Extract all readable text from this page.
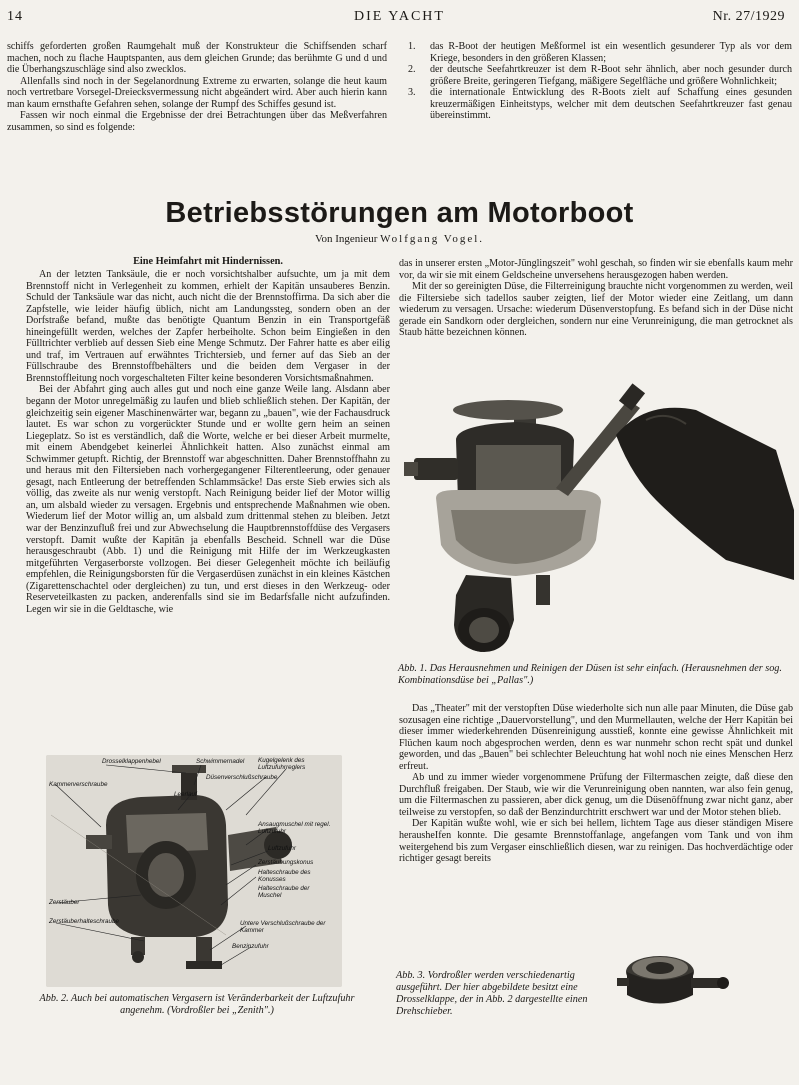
14	DIE YACHT	Nr. 27/1929

schiffs geforderten großen Raumgehalt muß der Konstrukteur die Schiffsenden scharf machen, noch zu flache Hauptspanten, aus dem gleichen Grunde; das berühmte G und d und die Überhangszuschläge sind also zwecklos.

Allenfalls sind noch in der Segelanordnung Extreme zu erwarten, solange die heut kaum noch vertretbare Vorsegel-Dreiecksvermessung nicht abgeändert wird. Aber auch hierin kann man kaum ernsthafte Gefahren sehen, solange der Rumpf des Schiffes gesund ist.

Fassen wir noch einmal die Ergebnisse der drei Betrachtungen über das Meßverfahren zusammen, so sind es folgende:

1.	das R-Boot der heutigen Meßformel ist ein wesentlich gesunderer Typ als vor dem Kriege, besonders in den größeren Klassen;
2.	der deutsche Seefahrtkreuzer ist dem R-Boot sehr ähnlich, aber noch gesunder durch größere Breite, geringeren Tiefgang, mäßigere Segelfläche und größere Wohnlichkeit;
3.	die internationale Entwicklung des R-Boots zielt auf Schaffung eines gesunden kreuzermäßigen Einheitstyps, welcher mit dem deutschen Seefahrtkreuzer fast genau übereinstimmt.
Betriebsstörungen am Motorboot
Von Ingenieur Wolfgang Vogel.
Eine Heimfahrt mit Hindernissen.

An der letzten Tanksäule, die er noch vorsichtshalber aufsuchte, um ja mit dem Brennstoff nicht in Verlegenheit zu kommen, erhielt der Kapitän unsauberes Benzin. Schuld der Tanksäule war das nicht, auch nicht die der Brennstoffirma. Da sich aber die Zapfstelle, wie leider häufig üblich, nicht am Landungssteg, sondern oben an der Dorfstraße befand, mußte das benötigte Quantum Benzin in ein Transportgefäß hineingefüllt werden, welches der Zapfer herbeiholte. Schon beim Eingießen in den Fülltrichter verblieb auf dessen Sieb eine Menge Schmutz. Der Fahrer hatte es aber eilig und traf, im Vertrauen auf erwähntes Trichtersieb, und ferner auf das Sieb an der Füllschraube des Brennstoffbehälters und die beiden dem Vergaser in der Brennstoffleitung noch vorgeschalteten Filter keine besonderen Vorsichtsmaßnahmen.

Bei der Abfahrt ging auch alles gut und noch eine ganze Weile lang. Alsdann aber begann der Motor unregelmäßig zu laufen und blieb schließlich stehen. Der Kapitän, der gleichzeitig sein eigener Maschinenwärter war, begann zu „bauen", wie der Fachausdruck lautet. Es war schon zu vorgerückter Stunde und er wollte gern heim an seinen Liegeplatz. So ist es verständlich, daß die Worte, welche er bei dieser Arbeit murmelte, mit einem Abendgebet keinerlei Ähnlichkeit hatten. Also zunächst einmal am Schwimmer getupft. Richtig, der Brennstoff war abgeschnitten. Daher Brennstoffhahn zu und heraus mit den Filtersieben nach vorhergegangener Filterentleerung, oder genauer gesagt, nach Entleerung der betreffenden Schlammsäcke! Das erste Sieb erwies sich als völlig, das zweite als nur wenig verstopft. Nach Reinigung beider lief der Motor willig an, um alsbald wieder zu versagen. Ergebnis und entsprechende Maßnahmen wie oben. Wiederum lief der Motor willig an, um alsbald zum drittenmal stehen zu bleiben. Jetzt war der Benzinzufluß frei und zur Abwechselung die Hauptbrennstoffdüse des Vergasers verstopft. Damit wußte der Kapitän ja ebenfalls Bescheid. Schnell war die Düse herausgeschraubt (Abb. 1) und die Reinigung mit Hilfe der im Werkzeugkasten mitgeführten Vergaserborste vollzogen. Bei dieser Gelegenheit möchte ich beiläufig empfehlen, die Reinigungsborsten für die Vergaserdüsen zunächst in ein kleines Kästchen (Zigarettenschachtel oder dergleichen) zu tun, und erst dieses in den Werkzeug- oder Reserveteilkasten zu packen, anderenfalls sind sie im Bedarfsfalle nicht aufzufinden. Legen wir sie in die Geldtasche, wie

Drosselklappenhebel	Schwimmernadel Kugelgelenk des Luftzufuhrreglers
Düsenverschlußschraube
Kammerverschraube
Leerlauf
Ansaugmuschel mit regel. Luftzufuhr
Luftzufuhr
Zerstäubungskonus
Halteschraube des Konusses
Halteschraube der Muschel
Zerstäuber
Zerstäuberhalteschraube	Untere Verschlußschraube der Kammer
Benzinzufuhr

Abb. 2. Auch bei automatischen Vergasern ist Veränderbarkeit der Luftzufuhr angenehm. (Vordroßler bei „Zenith".)

das in unserer ersten „Motor-Jünglingszeit" wohl geschah, so finden wir sie ebenfalls kaum mehr vor, da wir sie mit einem Geldscheine unversehens herausgezogen haben werden.

Mit der so gereinigten Düse, die Filterreinigung brauchte nicht vorgenommen zu werden, weil die Filtersiebe sich tadellos sauber zeigten, lief der Motor wieder eine Zeitlang, um dann wiederum zu versagen. Ursache: wiederum Düsenverstopfung. Es befand sich in der Düse nicht gerade ein Sandkorn oder dergleichen, sondern nur eine Verunreinigung, die man getrocknet als Staub hätte bezeichnen können.

Abb. 1. Das Herausnehmen und Reinigen der Düsen ist sehr einfach. (Herausnehmen der sog. Kombinationsdüse bei „Pallas".)

Das „Theater" mit der verstopften Düse wiederholte sich nun alle paar Minuten, die Düse gab sozusagen eine richtige „Dauervorstellung", und den Murmellauten, welche der Herr Kapitän bei dieser immer wiederkehrenden Düsenreinigung ausstieß, konnte eine gewisse Ähnlichkeit mit Flüchen kaum noch abgesprochen werden, denn es war nunmehr schon recht spät und dunkel geworden, und das „Bauen" bei schlechter Beleuchtung hat wohl noch nie eines Menschen Herz erfreut.

Ab und zu immer wieder vorgenommene Prüfung der Filtermaschen zeigte, daß diese den Durchfluß freigaben. Der Staub, wie wir die Verunreinigung oben nannten, war also fein genug, um die Filtermaschen zu passieren, aber dick genug, um die Düsenöffnung zwar nicht ganz, aber teilweise zu verstopfen, so daß der Benzindurchtritt erschwert war und der Motor stehen blieb.

Der Kapitän wußte wohl, wie er sich bei hellem, lichtem Tage aus dieser ständigen Misere herausheIfen konnte. Die gesamte Brennstoffanlage, angefangen vom Tank und von ihm weitergehend bis zum Vergaser einschließlich diesen, war zu reinigen. Das hochverdächtige oder richtiger gesagt bereits

Abb. 3. Vordroßler werden verschiedenartig ausgeführt. Der hier abgebildete besitzt eine Drosselklappe, der in Abb. 2 dargestellte einen Drehschieber.
